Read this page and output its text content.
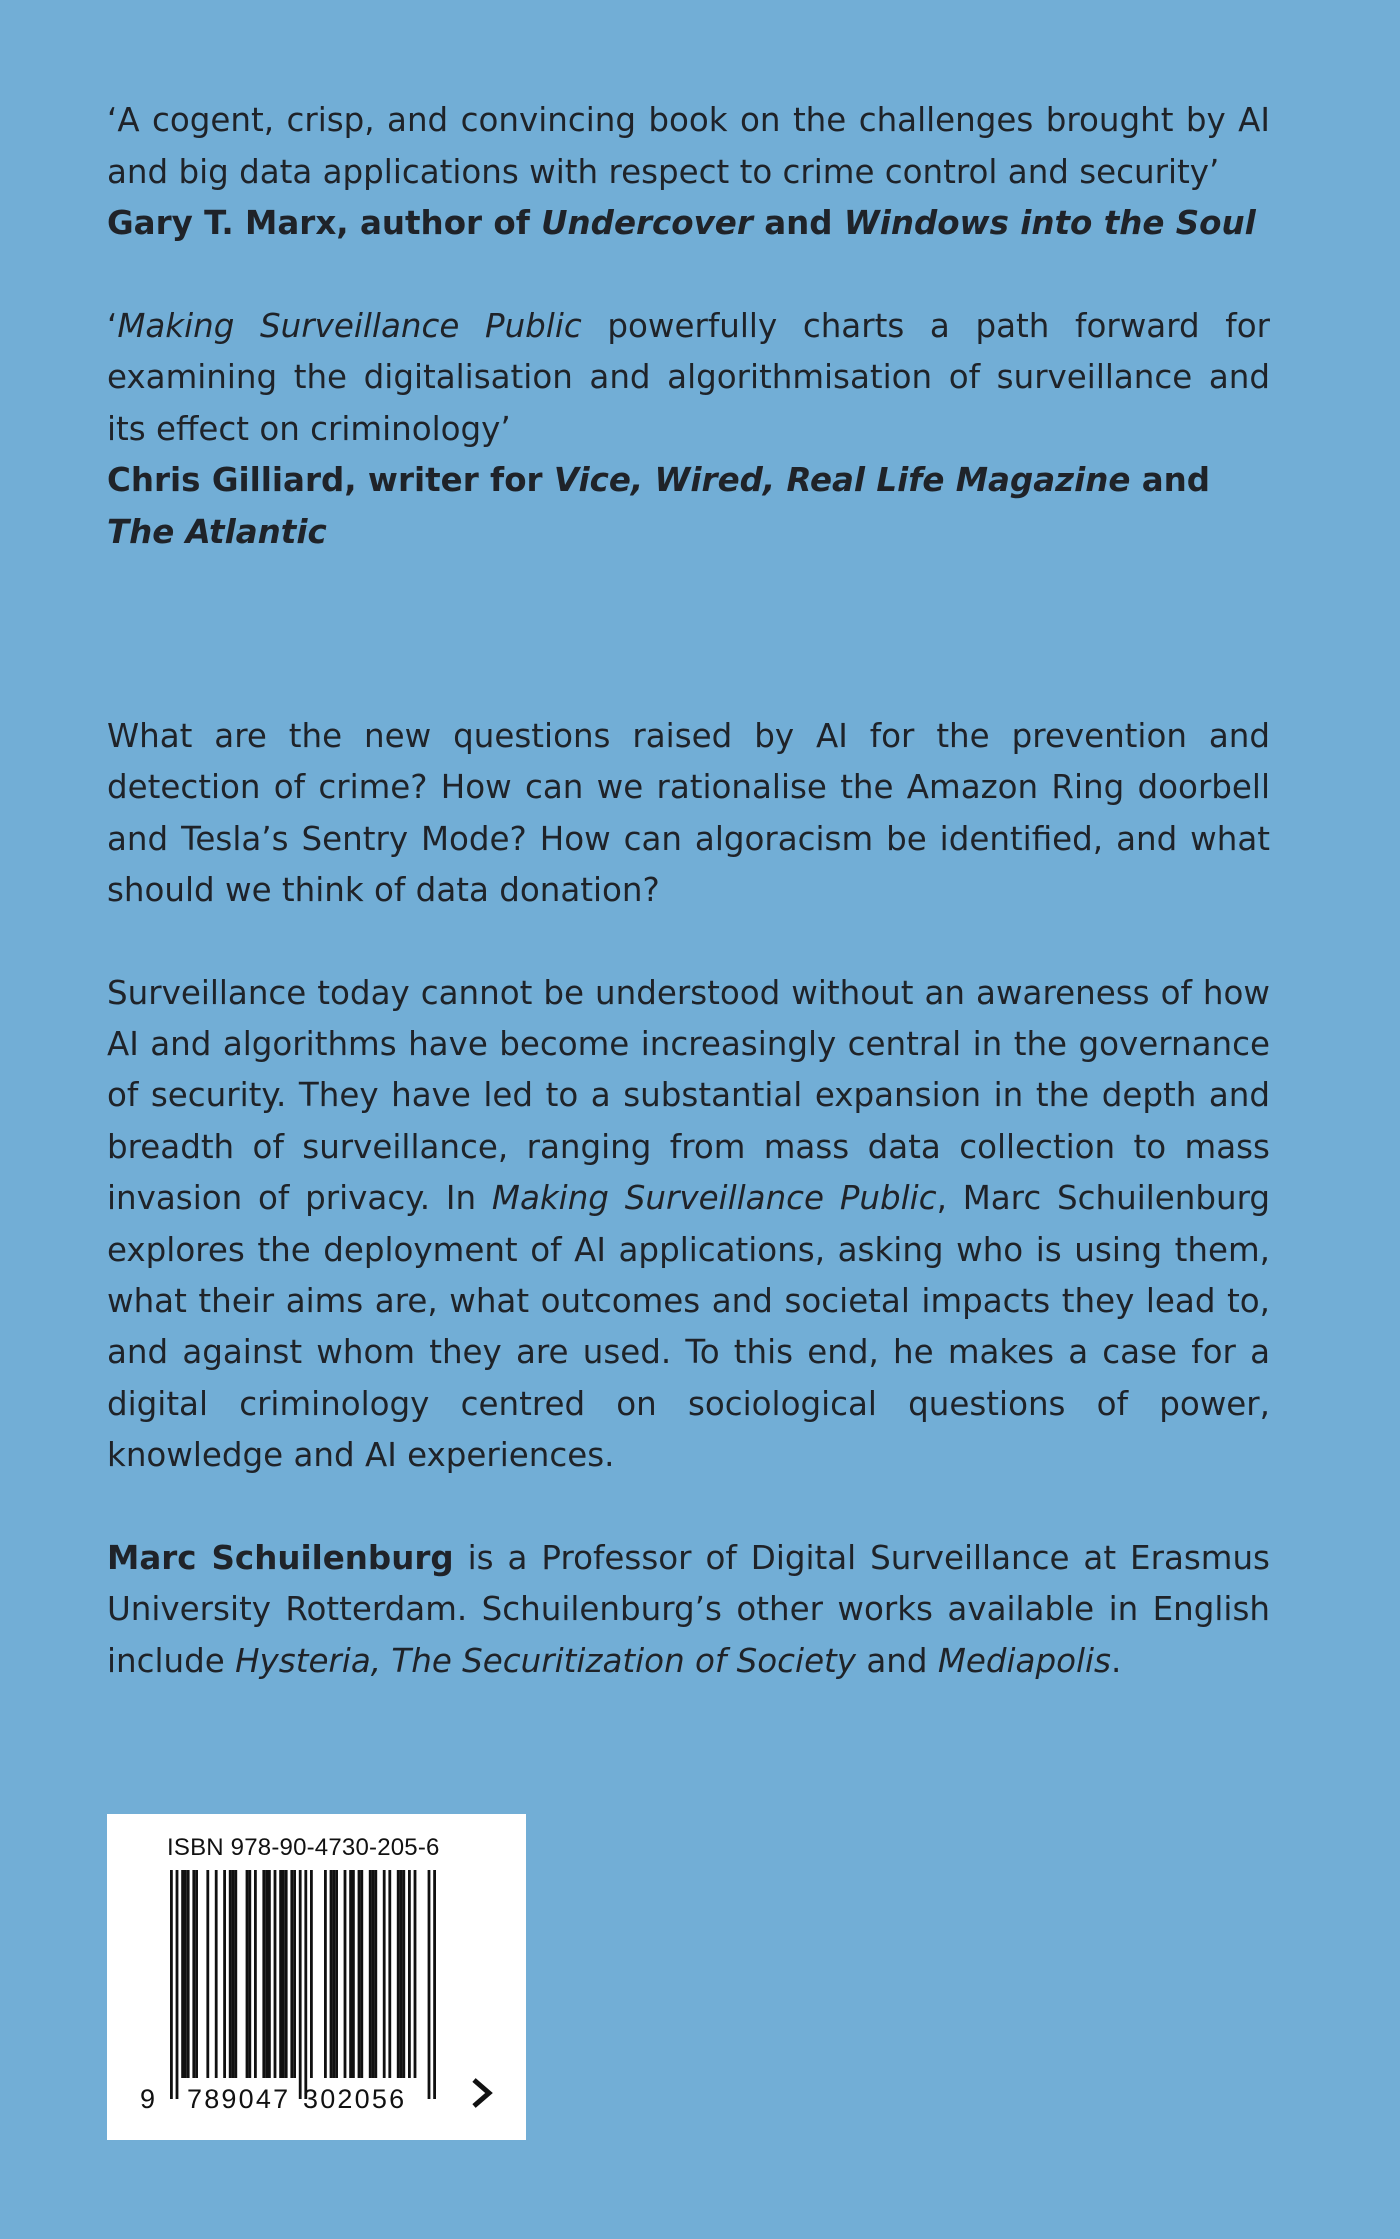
‘A cogent, crisp, and convincing book on the challenges brought by AI and big data applications with respect to crime control and security’
Gary T. Marx, author of Undercover and Windows into the Soul

‘Making Surveillance Public powerfully charts a path forward for examining the digitalisation and algorithmisation of surveillance and its effect on criminology’
Chris Gilliard, writer for Vice, Wired, Real Life Magazine and The Atlantic

What are the new questions raised by AI for the prevention and detection of crime? How can we rationalise the Amazon Ring doorbell and Tesla’s Sentry Mode? How can algoracism be identified, and what should we think of data donation?

Surveillance today cannot be understood without an awareness of how AI and algorithms have become increasingly central in the governance of security. They have led to a substantial expansion in the depth and breadth of surveillance, ranging from mass data collection to mass invasion of privacy. In Making Surveillance Public, Marc Schuilenburg explores the deployment of AI applications, asking who is using them, what their aims are, what outcomes and societal impacts they lead to, and against whom they are used. To this end, he makes a case for a digital criminology centred on sociological questions of power, knowledge and AI experiences.

Marc Schuilenburg is a Professor of Digital Surveillance at Erasmus University Rotterdam. Schuilenburg’s other works available in English include Hysteria, The Securitization of Society and Mediapolis.

ISBN 978-90-4730-205-6
9 789047 302056
